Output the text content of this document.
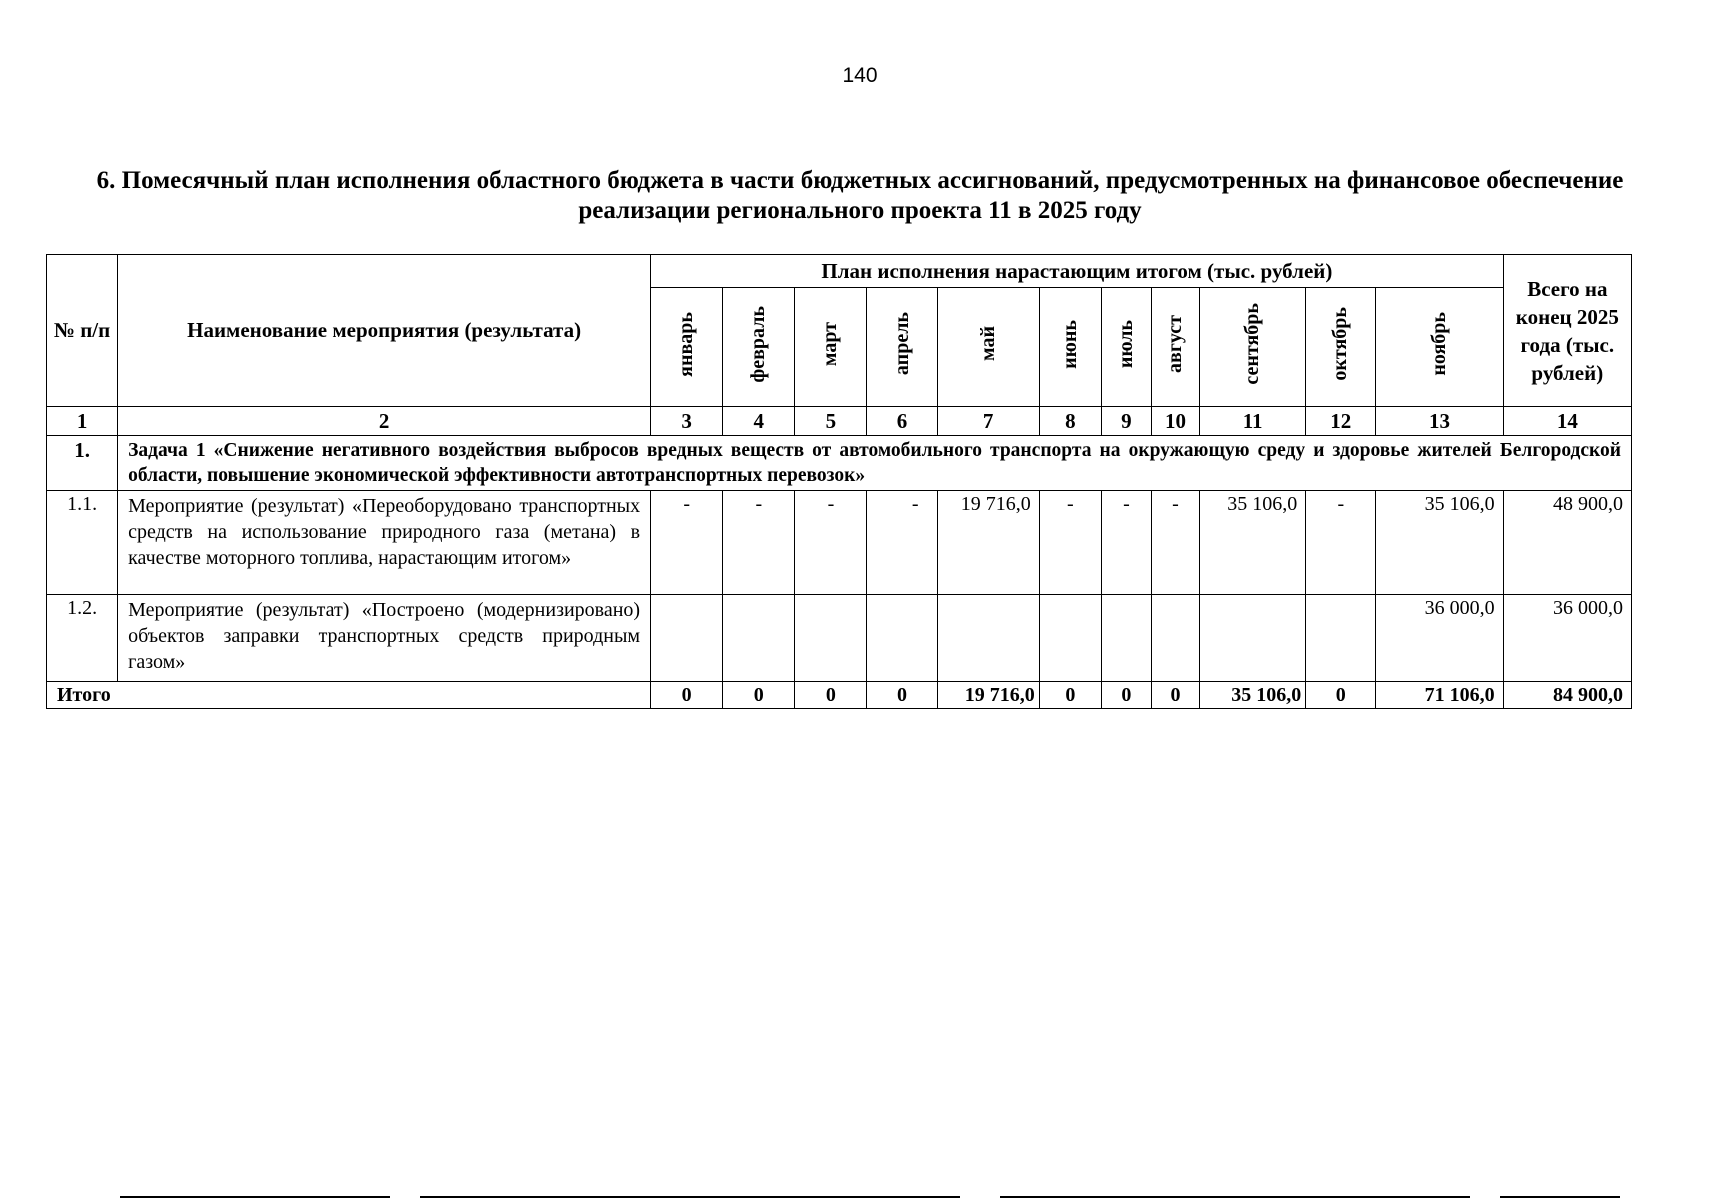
140
6. Помесячный план исполнения областного бюджета в части бюджетных ассигнований, предусмотренных на финансовое обеспечение реализации регионального проекта 11 в 2025 году
№ п/п	Наименование мероприятия (результата)	План исполнения нарастающим итогом (тыс. рублей)											Всего на конец 2025 года (тыс. рублей)
		январь	февраль	март	апрель	май	июнь	июль	август	сентябрь	октябрь	ноябрь	
1	2	3	4	5	6	7	8	9	10	11	12	13	14
1.	Задача 1 «Снижение негативного воздействия выбросов вредных веществ от автомобильного транспорта на окружающую среду и здоровье жителей Белгородской области, повышение экономической эффективности автотранспортных перевозок»												
1.1.	Мероприятие (результат) «Переоборудовано транспортных средств на использование природного газа (метана) в качестве моторного топлива, нарастающим итогом»	-	-	-	-	19 716,0	-	-	-	35 106,0	-	35 106,0	48 900,0
1.2.	Мероприятие (результат) «Построено (модернизировано) объектов заправки транспортных средств природным газом»											36 000,0	36 000,0
Итого		0	0	0	0	19 716,0	0	0	0	35 106,0	0	71 106,0	84 900,0
